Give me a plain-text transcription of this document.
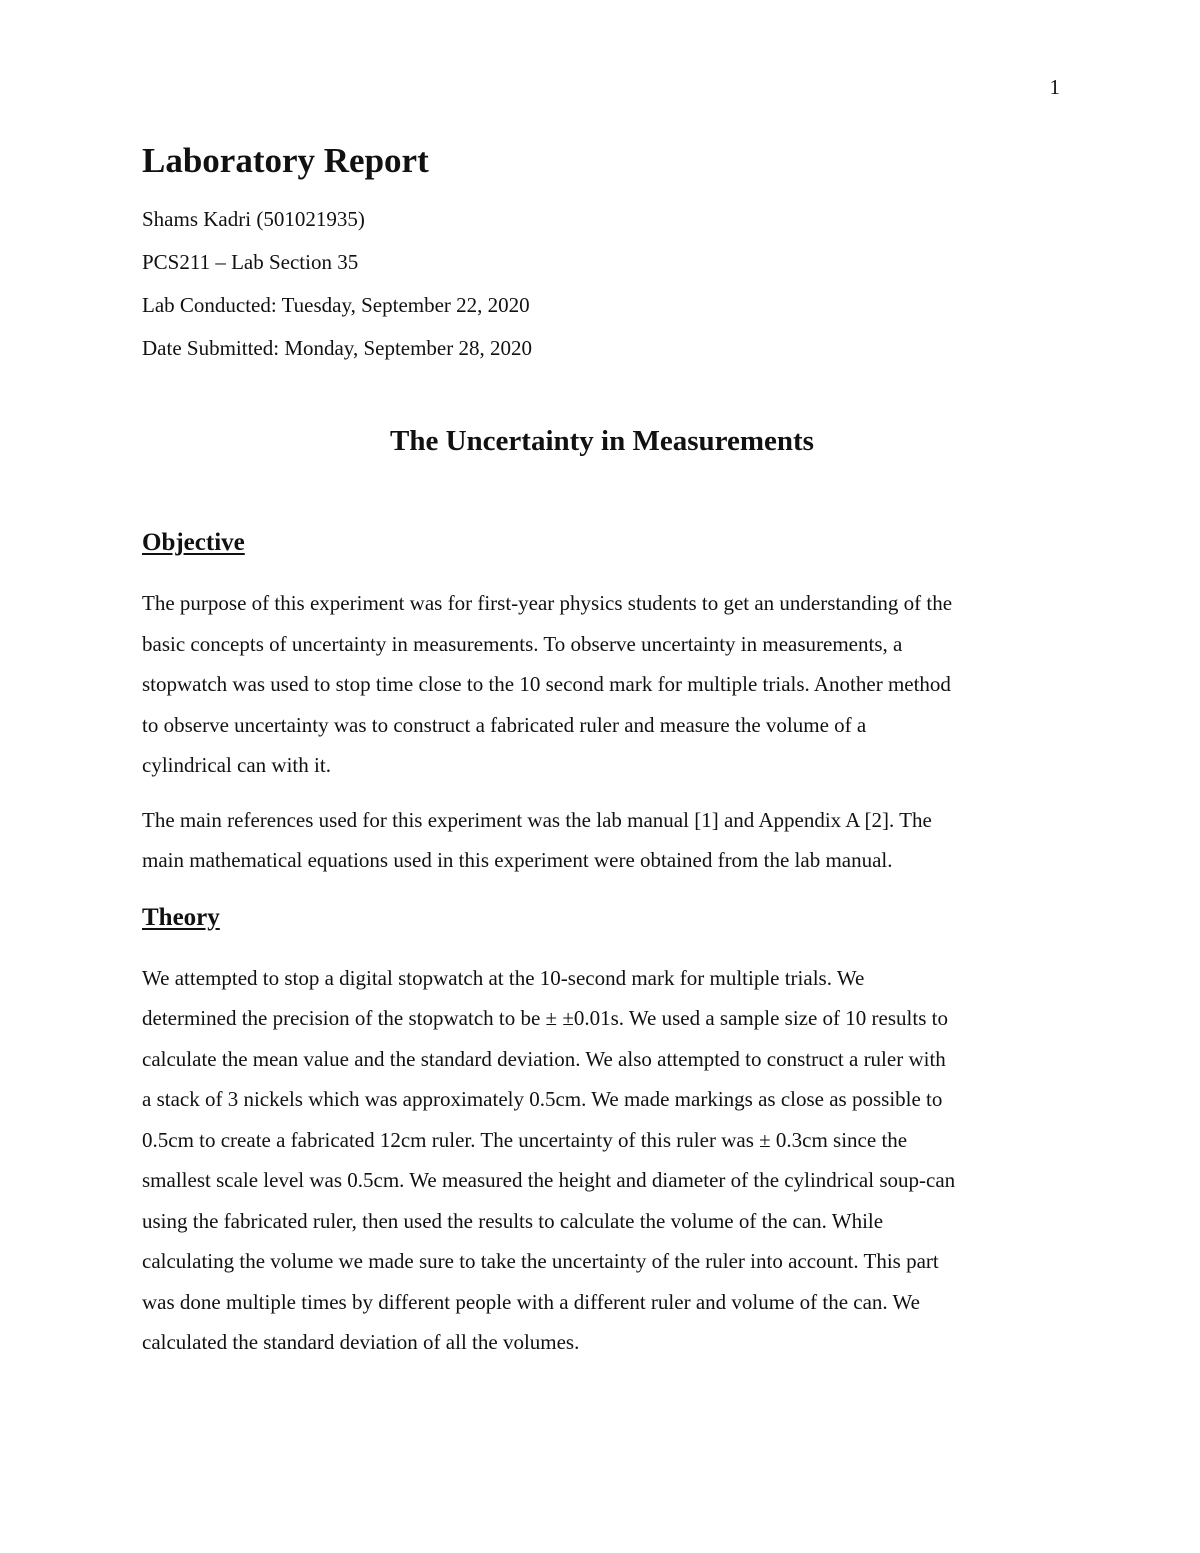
1
Laboratory Report
Shams Kadri (501021935)
PCS211 – Lab Section 35
Lab Conducted: Tuesday, September 22, 2020
Date Submitted: Monday, September 28, 2020
The Uncertainty in Measurements
Objective

The purpose of this experiment was for first-year physics students to get an understanding of the
basic concepts of uncertainty in measurements. To observe uncertainty in measurements, a
stopwatch was used to stop time close to the 10 second mark for multiple trials. Another method
to observe uncertainty was to construct a fabricated ruler and measure the volume of a
cylindrical can with it.

The main references used for this experiment was the lab manual [1] and Appendix A [2]. The
main mathematical equations used in this experiment were obtained from the lab manual.

Theory

We attempted to stop a digital stopwatch at the 10-second mark for multiple trials. We
determined the precision of the stopwatch to be ± ±0.01s. We used a sample size of 10 results to
calculate the mean value and the standard deviation. We also attempted to construct a ruler with
a stack of 3 nickels which was approximately 0.5cm. We made markings as close as possible to
0.5cm to create a fabricated 12cm ruler. The uncertainty of this ruler was ± 0.3cm since the
smallest scale level was 0.5cm. We measured the height and diameter of the cylindrical soup-can
using the fabricated ruler, then used the results to calculate the volume of the can. While
calculating the volume we made sure to take the uncertainty of the ruler into account. This part
was done multiple times by different people with a different ruler and volume of the can. We
calculated the standard deviation of all the volumes.
